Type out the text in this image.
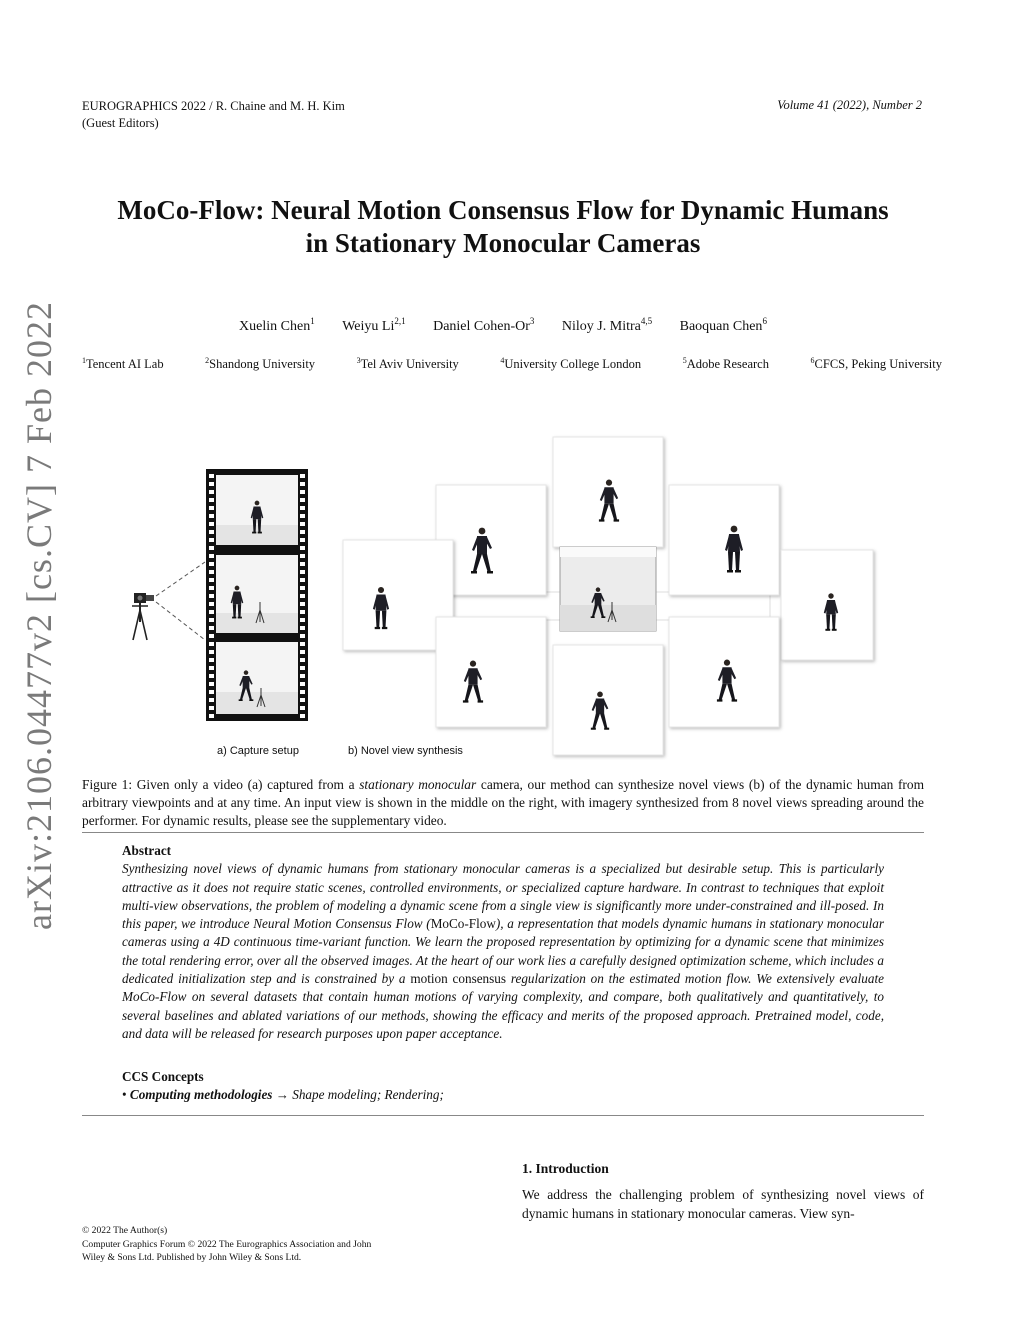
EUROGRAPHICS 2022 / R. Chaine and M. H. Kim
(Guest Editors)
Volume 41 (2022), Number 2
arXiv:2106.04477v2 [cs.CV] 7 Feb 2022
MoCo-Flow: Neural Motion Consensus Flow for Dynamic Humans
in Stationary Monocular Cameras
Xuelin Chen$^1$ Weiyu Li$^{2,1}$ Daniel Cohen-Or$^3$ Niloy J. Mitra$^{4,5}$ Baoquan Chen$^6$
$^1$Tencent AI Lab	$^2$Shandong University	$^3$Tel Aviv University	$^4$University College London	$^5$Adobe Research	$^6$CFCS, Peking University
a) Capture setup	b) Novel view synthesis
Figure 1: Given only a video (a) captured from a stationary monocular camera, our method can synthesize novel views (b) of the dynamic human from arbitrary viewpoints and at any time. An input view is shown in the middle on the right, with imagery synthesized from 8 novel views spreading around the performer. For dynamic results, please see the supplementary video.
Abstract

Synthesizing novel views of dynamic humans from stationary monocular cameras is a specialized but desirable setup. This is particularly attractive as it does not require static scenes, controlled environments, or specialized capture hardware. In contrast to techniques that exploit multi-view observations, the problem of modeling a dynamic scene from a single view is significantly more under-constrained and ill-posed. In this paper, we introduce Neural Motion Consensus Flow (MoCo-Flow), a representation that models dynamic humans in stationary monocular cameras using a 4D continuous time-variant function. We learn the proposed representation by optimizing for a dynamic scene that minimizes the total rendering error, over all the observed images. At the heart of our work lies a carefully designed optimization scheme, which includes a dedicated initialization step and is constrained by a motion consensus regularization on the estimated motion flow. We extensively evaluate MoCo-Flow on several datasets that contain human motions of varying complexity, and compare, both qualitatively and quantitatively, to several baselines and ablated variations of our methods, showing the efficacy and merits of the proposed approach. Pretrained model, code, and data will be released for research purposes upon paper acceptance.

CCS Concepts
• Computing methodologies → Shape modeling; Rendering;
1. Introduction
We address the challenging problem of synthesizing novel views of dynamic humans in stationary monocular cameras. View syn-
© 2022 The Author(s)
Computer Graphics Forum © 2022 The Eurographics Association and John
Wiley & Sons Ltd. Published by John Wiley & Sons Ltd.
